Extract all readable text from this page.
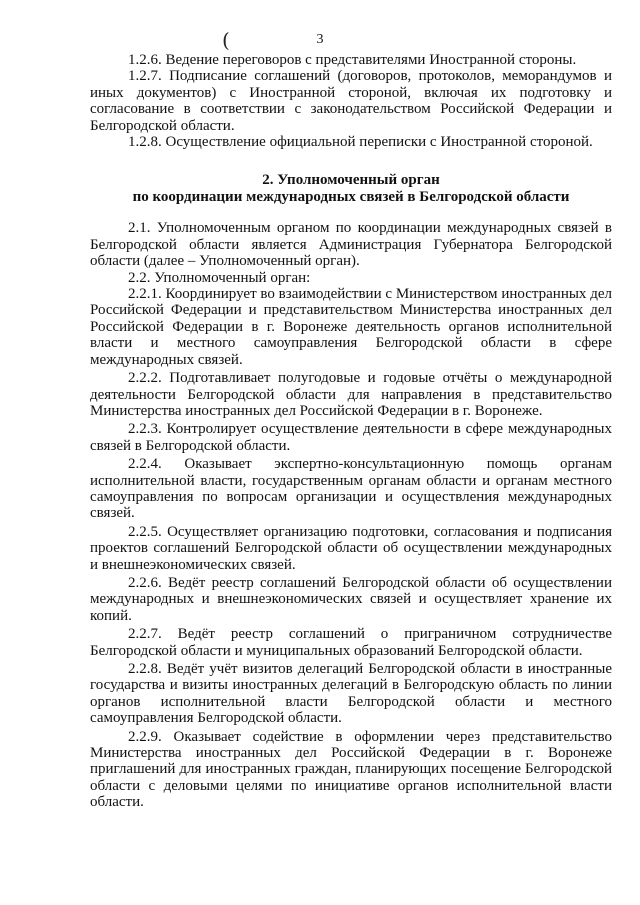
(	3

1.2.6. Ведение переговоров с представителями Иностранной стороны.

1.2.7. Подписание соглашений (договоров, протоколов, меморандумов и иных документов) с Иностранной стороной, включая их подготовку и согласование в соответствии с законодательством Российской Федерации и Белгородской области.

1.2.8. Осуществление официальной переписки с Иностранной стороной.

2. Уполномоченный орган
по координации международных связей в Белгородской области

2.1. Уполномоченным органом по координации международных связей в Белгородской области является Администрация Губернатора Белгородской области (далее – Уполномоченный орган).

2.2. Уполномоченный орган:

2.2.1. Координирует во взаимодействии с Министерством иностранных дел Российской Федерации и представительством Министерства иностранных дел Российской Федерации в г. Воронеже деятельность органов исполнительной власти и местного самоуправления Белгородской области в сфере международных связей.

2.2.2. Подготавливает полугодовые и годовые отчёты о международной деятельности Белгородской области для направления в представительство Министерства иностранных дел Российской Федерации в г. Воронеже.

2.2.3. Контролирует осуществление деятельности в сфере международных связей в Белгородской области.

2.2.4. Оказывает экспертно-консультационную помощь органам исполнительной власти, государственным органам области и органам местного самоуправления по вопросам организации и осуществления международных связей.

2.2.5. Осуществляет организацию подготовки, согласования и подписания проектов соглашений Белгородской области об осуществлении международных и внешнеэкономических связей.

2.2.6. Ведёт реестр соглашений Белгородской области об осуществлении международных и внешнеэкономических связей и осуществляет хранение их копий.

2.2.7. Ведёт реестр соглашений о приграничном сотрудничестве Белгородской области и муниципальных образований Белгородской области.

2.2.8. Ведёт учёт визитов делегаций Белгородской области в иностранные государства и визиты иностранных делегаций в Белгородскую область по линии органов исполнительной власти Белгородской области и местного самоуправления Белгородской области.

2.2.9. Оказывает содействие в оформлении через представительство Министерства иностранных дел Российской Федерации в г. Воронеже приглашений для иностранных граждан, планирующих посещение Белгородской области с деловыми целями по инициативе органов исполнительной власти области.
